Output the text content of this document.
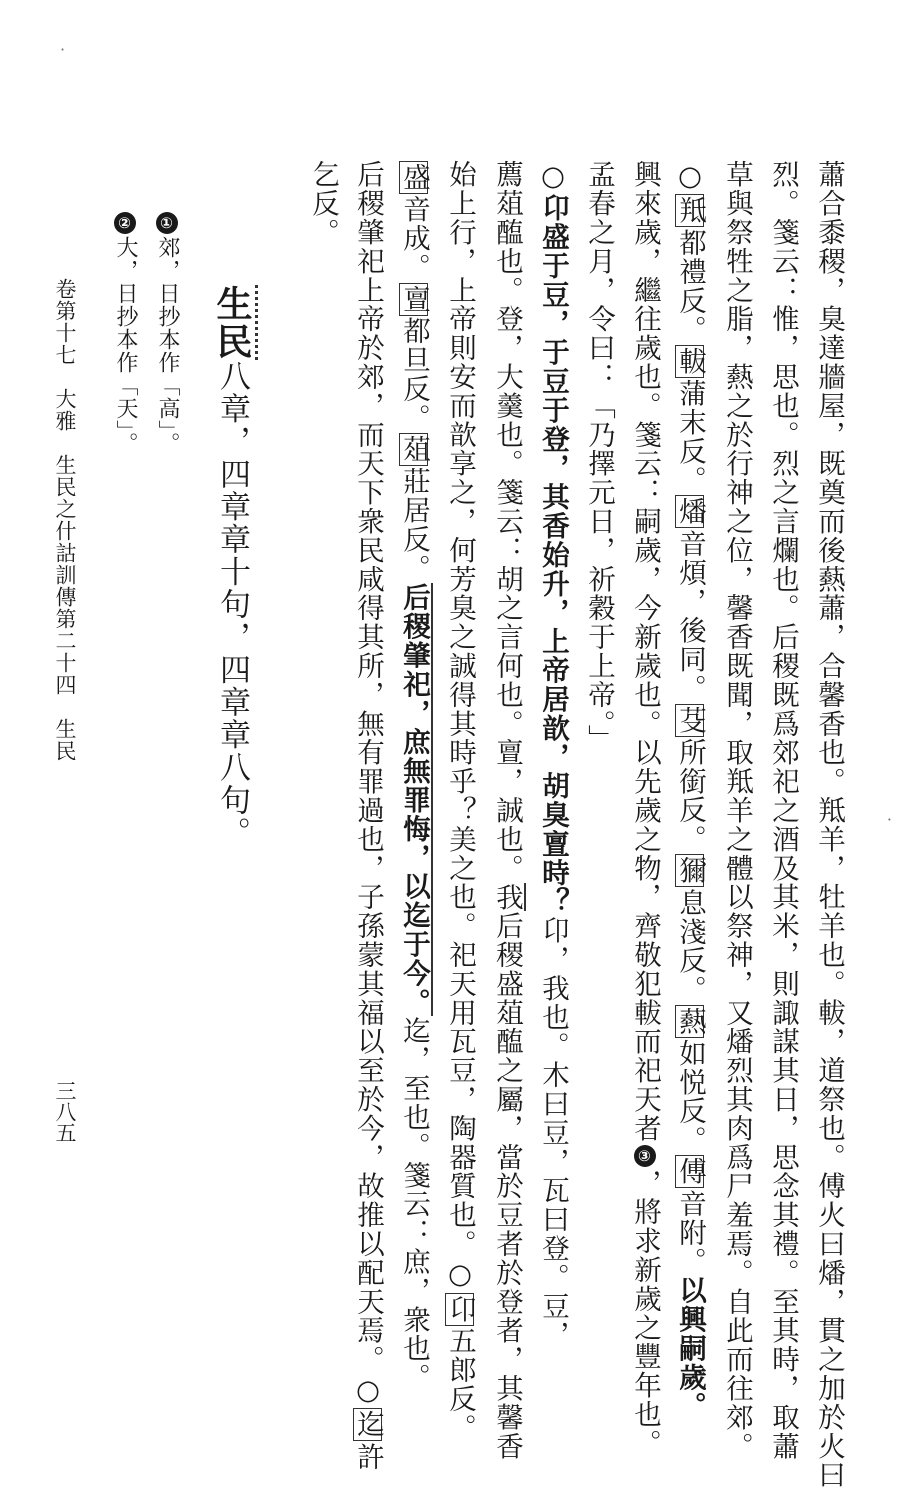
蕭合黍稷，臭達牆屋，既奠而後爇蕭，合馨香也。羝羊，牡羊也。軷，道祭也。傅火曰燔，貫之加於火曰
烈。箋云：惟，思也。烈之言爛也。后稷既爲郊祀之酒及其米，則諏謀其日，思念其禮。至其時，取蕭
草與祭牲之脂，爇之於行神之位，馨香既聞，取羝羊之體以祭神，又燔烈其肉爲尸羞焉。自此而往郊。
○羝都禮反。軷蒲末反。燔音煩，後同。芟所銜反。獮息淺反。爇如悦反。傅音附。以興嗣歲。
興來歲，繼往歲也。箋云：嗣歲，今新歲也。以先歲之物，齊敬犯軷而祀天者③，將求新歲之豐年也。
孟春之月，令曰：「乃擇元日，祈穀于上帝。」
○卬盛于豆，于豆于登，其香始升，上帝居歆，胡臭亶時？卬，我也。木曰豆，瓦曰登。豆，
薦葅醢也。登，大羹也。箋云：胡之言何也。亶，誠也。我后稷盛葅醢之屬，當於豆者於登者，其馨香
始上行，上帝則安而歆享之，何芳臭之誠得其時乎？美之也。祀天用瓦豆，陶器質也。○卬五郎反。
盛音成。亶都旦反。葅莊居反。后稷肇祀，庶無罪悔，以迄于今。迄，至也。箋云：庶，衆也。
后稷肇祀上帝於郊，而天下衆民咸得其所，無有罪過也，子孫蒙其福以至於今，故推以配天焉。○迄許
乞反。
生民八章，四章章十句，四章章八句。
①郊，日抄本作「高」。
②大，日抄本作「天」。
卷第十七　大雅　生民之什詁訓傳第二十四　生民
三八五
·
·
